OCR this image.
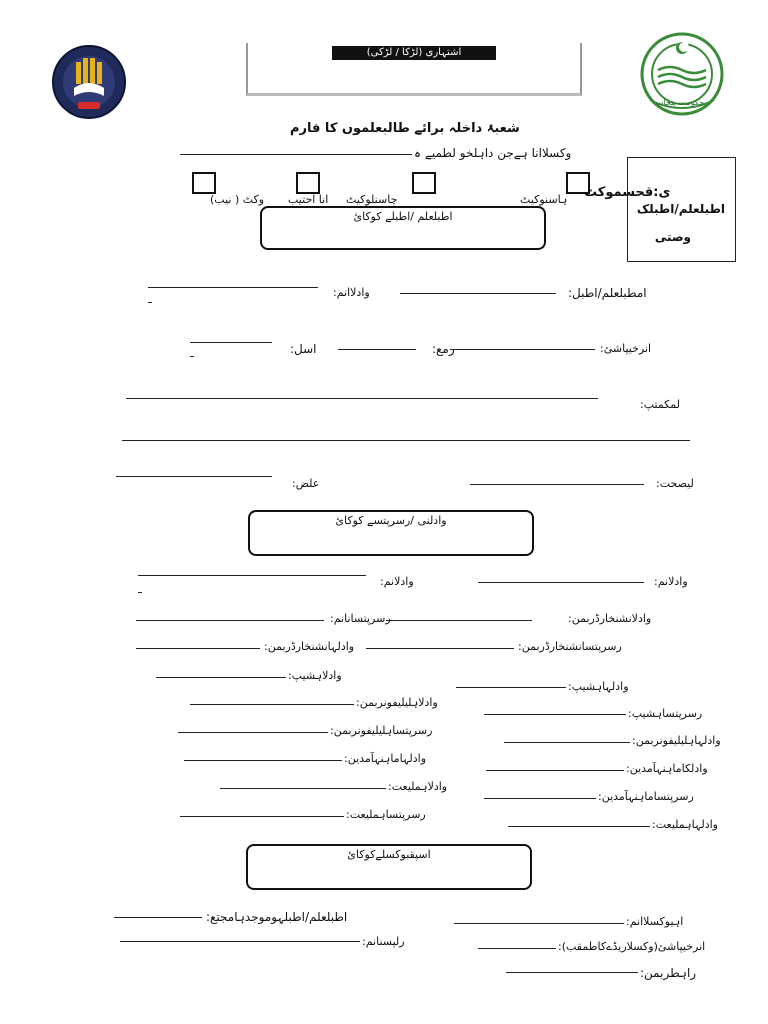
اشتہاری (لڑکا / لڑکی)
حکومت پنجاب
شعبۂ داخلہ برائے طالبعلموں کا فارم
وکسلاانا ہےجن داہلخو لطمیے ہ
ی:قحسموکٹ
ہاسنوکیٹ
چاسنلوکیٹ
انا احتیب
وکٹ ( نیب)
اطبلعلم/اطبلک
وصتی
اطبلعلم /اطبلے کوکائ
امطبلعلم/اطبل:
وادلاانم:
انرخیپاشئ:
رمع:
اسل:
لمکمتپ:
لیصحت:
علض:
وادلنی /رسرپتسے کوکائ
وادلانم:
وادلانم:
وادلانشنخارڈربمن:
رسرپتسانانم:
رسرپتسانشنخارڈربمن:
وادلہانشنخارڈربمن:
وادلاہشیپ:
وادلہاہشیپ:
وادلاہلیلیفونربمن:
رسرپتساہشیپ:
رسرپتساہلیلیفونربمن:
وادلہاہلیلیفونربمن:
وادلہاماہنہآمدین:
وادلکاماہنہآمدین:
وادلاہملیعت:
رسرپتساماہنہآمدین:
رسرپتساہملیعت:
وادلہاہملیعت:
اسپقبوکسلےکوکائ
اطبلعلم/اطبلہوموجدہامجتع:	اہیوکسلاانم:
رلپسنانم:	انرخیپاشئ(وکسلاریڈےکاطمقب):
راہطربمن:
